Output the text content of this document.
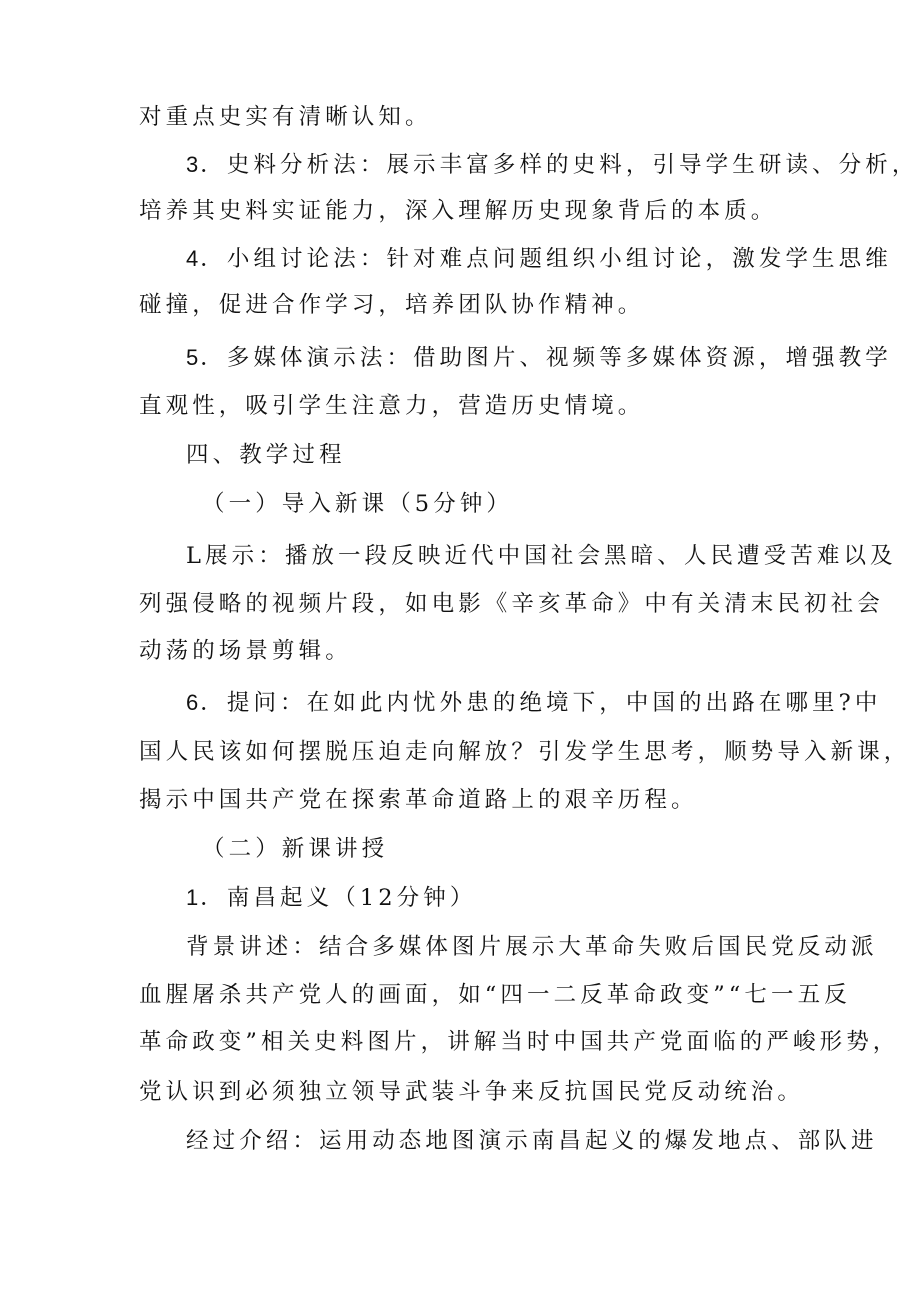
对重点史实有清晰认知。
3．史料分析法：展示丰富多样的史料，引导学生研读、分析，
培养其史料实证能力，深入理解历史现象背后的本质。
4．小组讨论法：针对难点问题组织小组讨论，激发学生思维
碰撞，促进合作学习，培养团队协作精神。
5．多媒体演示法：借助图片、视频等多媒体资源，增强教学
直观性，吸引学生注意力，营造历史情境。
四、教学过程
（一）导入新课（5分钟）
L展示：播放一段反映近代中国社会黑暗、人民遭受苦难以及
列强侵略的视频片段，如电影《辛亥革命》中有关清末民初社会
动荡的场景剪辑。
6．提问：在如此内忧外患的绝境下，中国的出路在哪里?中
国人民该如何摆脱压迫走向解放？引发学生思考，顺势导入新课，
揭示中国共产党在探索革命道路上的艰辛历程。
（二）新课讲授
1．南昌起义（12分钟）
背景讲述：结合多媒体图片展示大革命失败后国民党反动派
血腥屠杀共产党人的画面，如“四一二反革命政变”“七一五反
革命政变”相关史料图片，讲解当时中国共产党面临的严峻形势，
党认识到必须独立领导武装斗争来反抗国民党反动统治。
经过介绍：运用动态地图演示南昌起义的爆发地点、部队进
